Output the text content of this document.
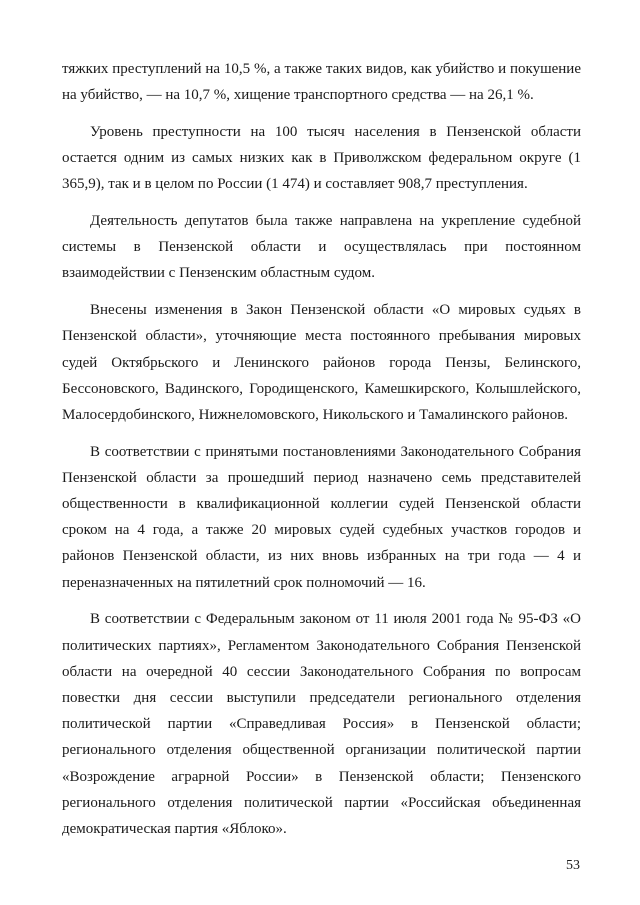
тяжких преступлений на 10,5 %, а также таких видов, как убийство и покушение на убийство, — на 10,7 %, хищение транспортного средства — на 26,1 %.

Уровень преступности на 100 тысяч населения в Пензенской области остается одним из самых низких как в Приволжском федеральном округе (1 365,9), так и в целом по России (1 474) и составляет 908,7 преступления.

Деятельность депутатов была также направлена на укрепление судебной системы в Пензенской области и осуществлялась при постоянном взаимодействии с Пензенским областным судом.

Внесены изменения в Закон Пензенской области «О мировых судьях в Пензенской области», уточняющие места постоянного пребывания мировых судей Октябрьского и Ленинского районов города Пензы, Белинского, Бессоновского, Вадинского, Городищенского, Камешкирского, Колышлейского, Малосердобинского, Нижнеломовского, Никольского и Тамалинского районов.

В соответствии с принятыми постановлениями Законодательного Собрания Пензенской области за прошедший период назначено семь представителей общественности в квалификационной коллегии судей Пензенской области сроком на 4 года, а также 20 мировых судей судебных участков городов и районов Пензенской области, из них вновь избранных на три года — 4 и переназначенных на пятилетний срок полномочий — 16.

В соответствии с Федеральным законом от 11 июля 2001 года № 95-ФЗ «О политических партиях», Регламентом Законодательного Собрания Пензенской области на очередной 40 сессии Законодательного Собрания по вопросам повестки дня сессии выступили председатели регионального отделения политической партии «Справедливая Россия» в Пензенской области; регионального отделения общественной организации политической партии «Возрождение аграрной России» в Пензенской области; Пензенского регионального отделения политической партии «Российская объединенная демократическая партия «Яблоко».

53
